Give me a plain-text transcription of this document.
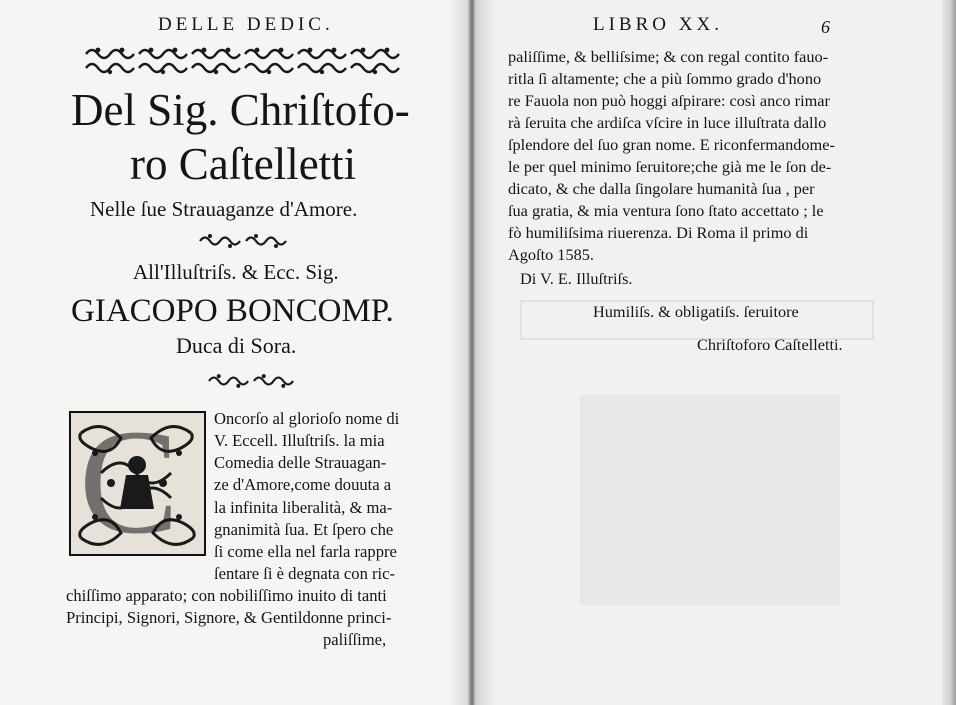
DELLE DEDIC.
Del Sig. Chriſtofo-
ro Caſtelletti
Nelle ſue Strauaganze d'Amore.
All'Illuſtriſs. & Ecc. Sig.
GIACOPO BONCOMP.
Duca di Sora.
C Oncorſo al glorioſo nome di
V. Eccell. Illuſtriſs. la mia
Comedia delle Strauagan-
ze d'Amore,come douuta a
la infinita liberalità, & ma-
gnanimità ſua. Et ſpero che
ſi come ella nel farla rappre
ſentare ſi è degnata con ric-
chiſſimo apparato; con nobiliſſimo inuito di tanti
Principi, Signori, Signore, & Gentildonne princi-
paliſſime,
LIBRO XX.	6
paliſſime, & belliſsime; & con regal contito fauo-
ritla ſì altamente; che a più ſommo grado d'hono
re Fauola non può hoggi aſpirare: così anco rimar
rà ſeruita che ardiſca vſcire in luce illuſtrata dallo
ſplendore del ſuo gran nome. E riconfermandome-
le per quel minimo ſeruitore;che già me le ſon de-
dicato, & che dalla ſingolare humanità ſua , per
ſua gratia, & mia ventura ſono ſtato accettato ; le
fò humiliſsima riuerenza. Di Roma il primo di
Agoſto 1585.
Di V. E. Illuſtriſs.
Humiliſs. & obligatiſs. ſeruitore
Chriſtoforo Caſtelletti.
